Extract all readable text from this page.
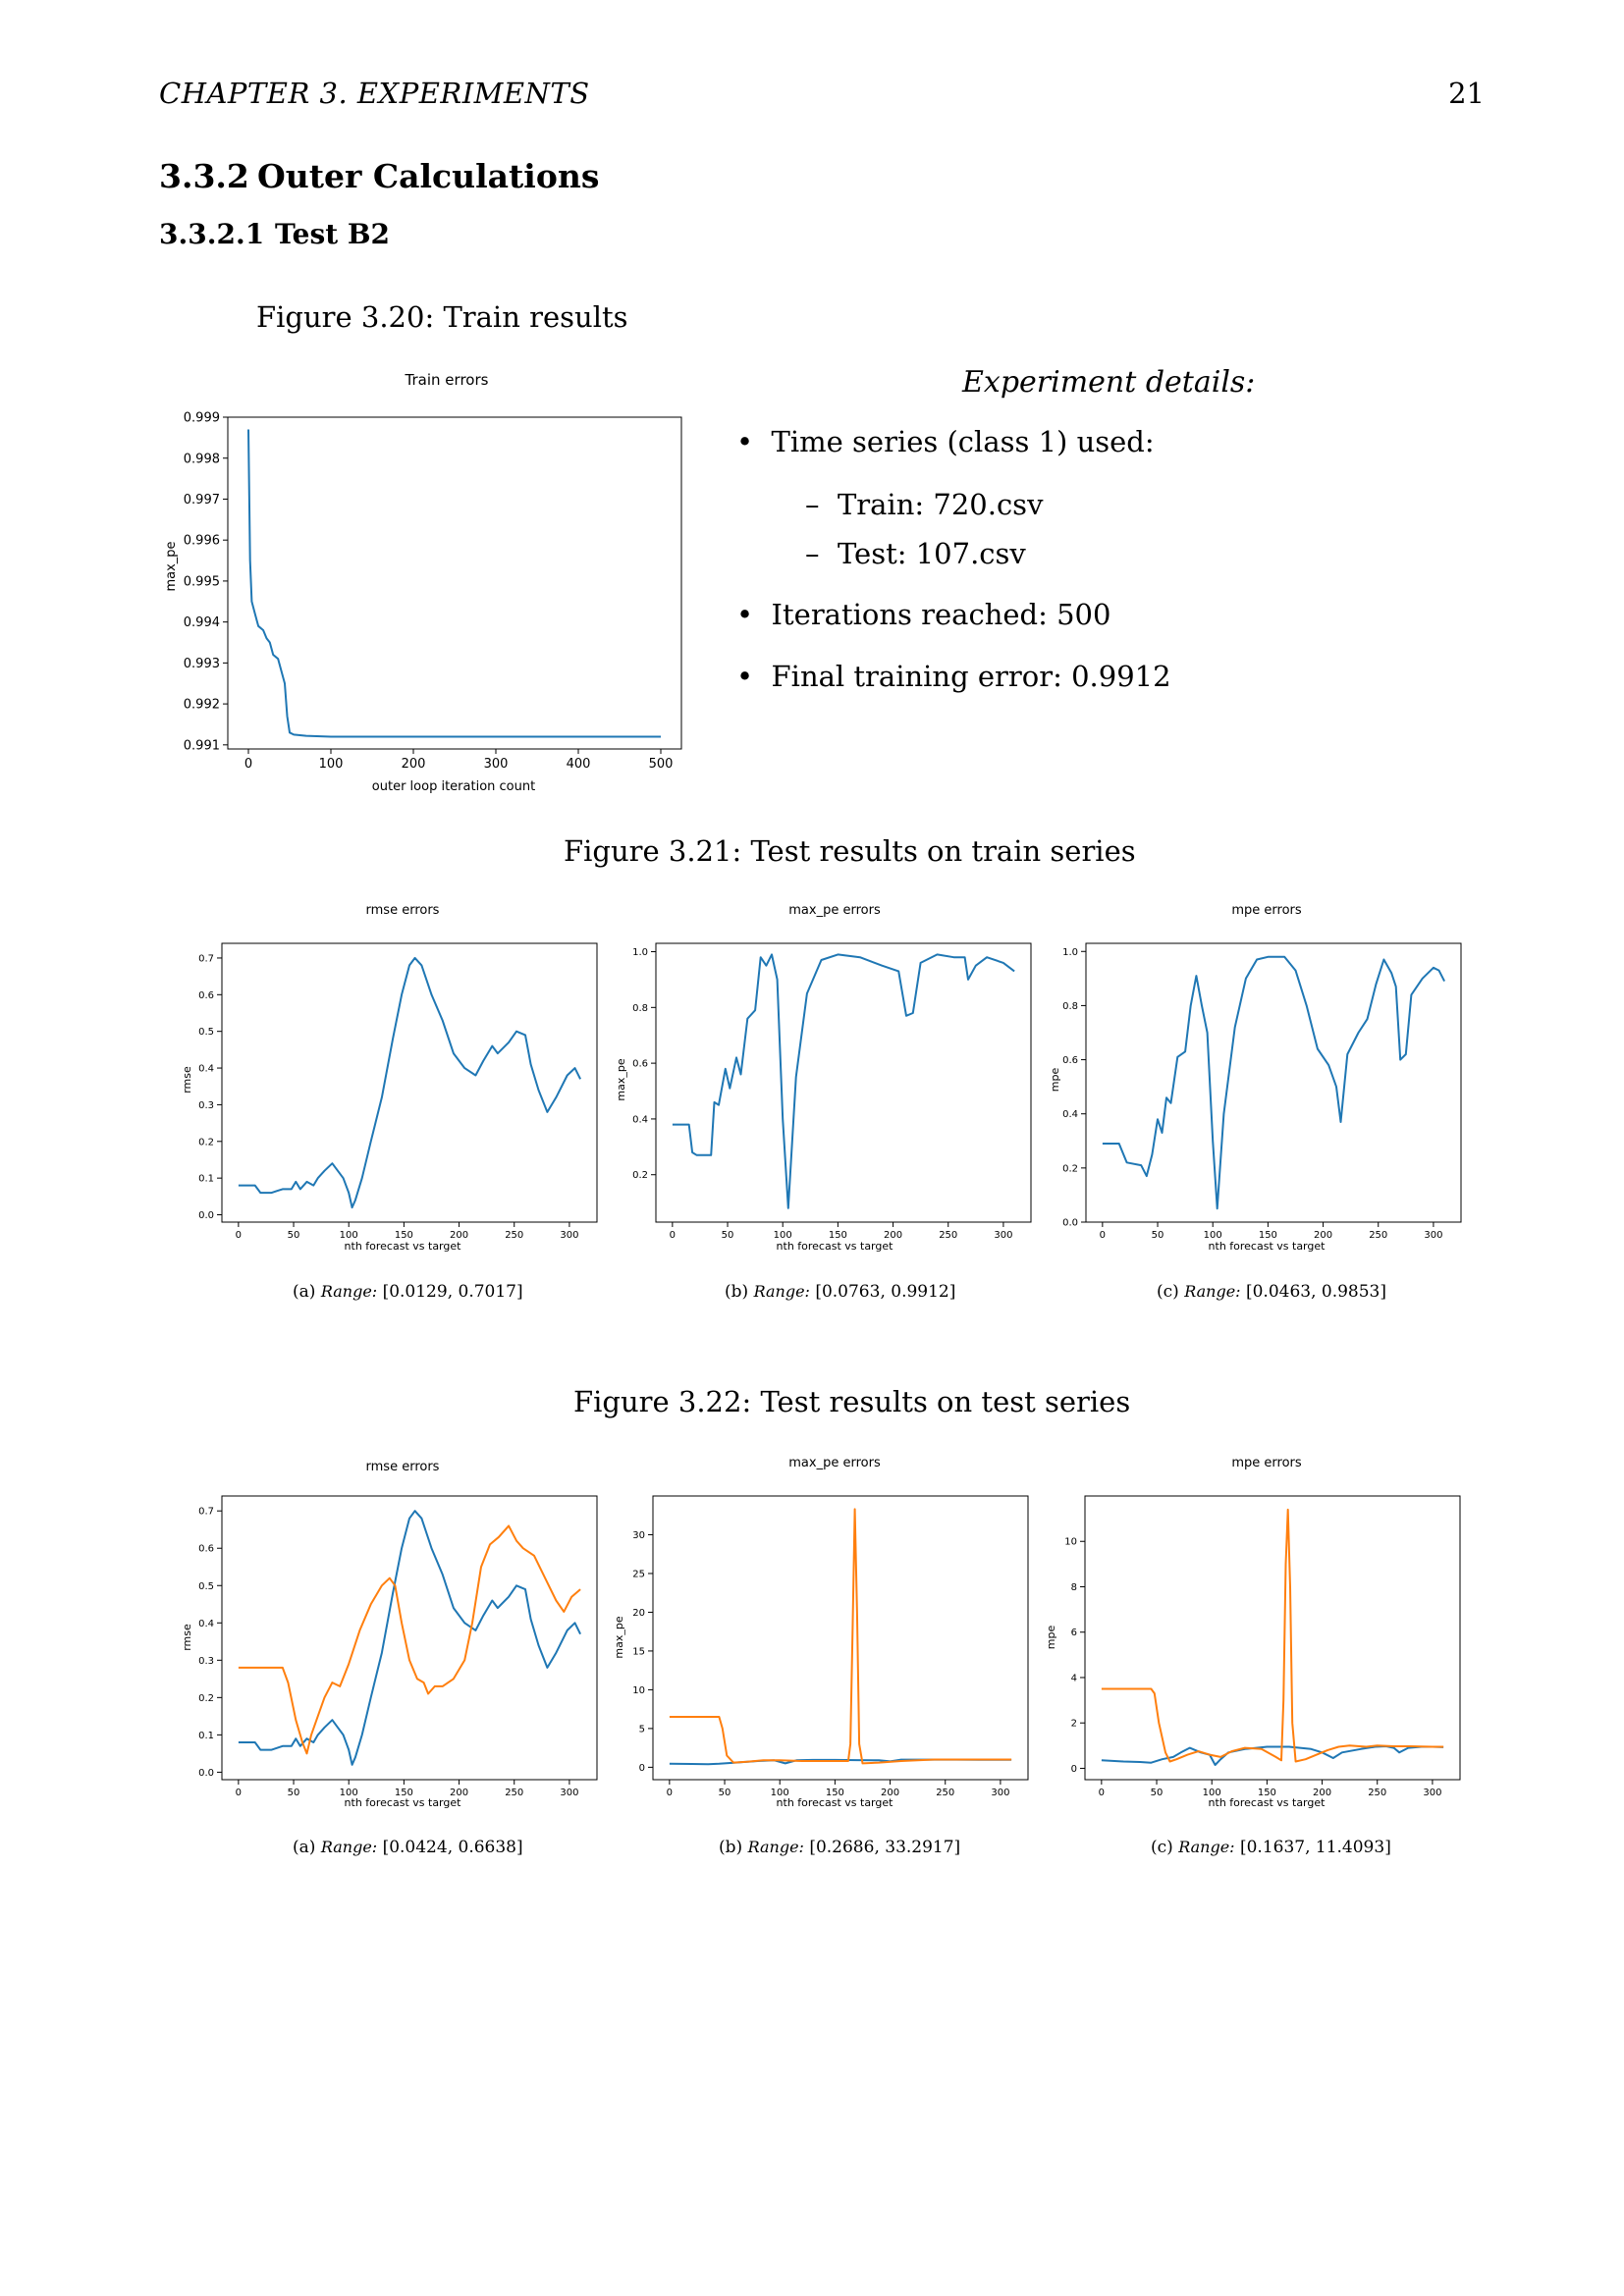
CHAPTER 3. EXPERIMENTS	21
3.3.2 Outer Calculations
3.3.2.1 Test B2
Figure 3.20: Train results
Train errors
outer loop iteration count
max_pe
0	100	200	300	400	500
0.991
0.992
0.993
0.994
0.995
0.996
0.997
0.998
0.999
Experiment details:
•  Time series (class 1) used:
–  Train: 720.csv
–  Test: 107.csv
•  Iterations reached: 500
•  Final training error: 0.9912
Figure 3.21: Test results on train series
rmse errors
nth forecast vs target
rmse
0	50	100	150	200	250	300
0.0
0.1
0.2
0.3
0.4
0.5
0.6
0.7
max_pe errors
nth forecast vs target
max_pe
0	50	100	150	200	250	300
0.2
0.4
0.6
0.8
1.0
mpe errors
nth forecast vs target
mpe
0	50	100	150	200	250	300
0.0
0.2
0.4
0.6
0.8
1.0
(a) Range: [0.0129, 0.7017]	(b) Range: [0.0763, 0.9912]	(c) Range: [0.0463, 0.9853]
Figure 3.22: Test results on test series
rmse errors
nth forecast vs target
rmse
0	50	100	150	200	250	300
0.0
0.1
0.2
0.3
0.4
0.5
0.6
0.7
max_pe errors
nth forecast vs target
max_pe
0	50	100	150	200	250	300
0
5
10
15
20
25
30
mpe errors
nth forecast vs target
mpe
0	50	100	150	200	250	300
0
2
4
6
8
10
(a) Range: [0.0424, 0.6638]	(b) Range: [0.2686, 33.2917]	(c) Range: [0.1637, 11.4093]
